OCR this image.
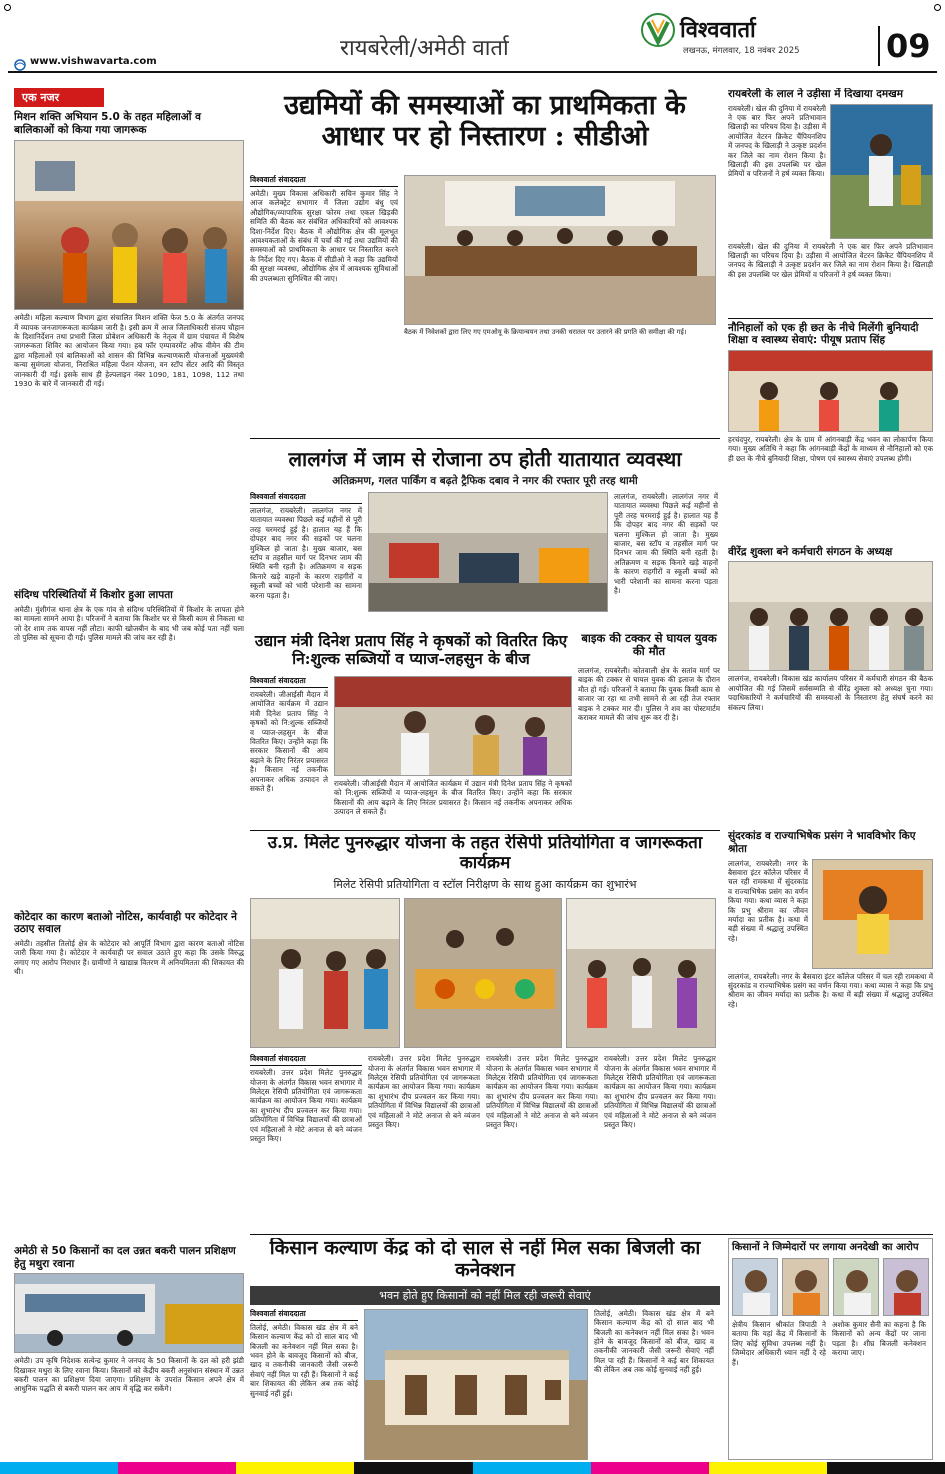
रायबरेली/अमेठी वार्ता
विश्ववार्ता
लखनऊ, मंगलवार, 18 नवंबर 2025	09
www.vishwavarta.com
एक नजर
मिशन शक्ति अभियान 5.0 के तहत महिलाओं व बालिकाओं को किया गया जागरूक
अमेठी। महिला कल्याण विभाग द्वारा संचालित मिशन शक्ति फेज 5.0 के अंतर्गत जनपद में व्यापक जनजागरूकता कार्यक्रम जारी है। इसी क्रम में आज जिलाधिकारी संजय चौहान के दिशानिर्देशन तथा प्रभारी जिला प्रोबेशन अधिकारी के नेतृत्व में ग्राम पंचायत में विशेष जागरूकता शिविर का आयोजन किया गया। हब फॉर एम्पावरमेंट ऑफ वीमेन की टीम द्वारा महिलाओं एवं बालिकाओं को शासन की विभिन्न कल्याणकारी योजनाओं मुख्यमंत्री कन्या सुमंगला योजना, निराश्रित महिला पेंशन योजना, वन स्टॉप सेंटर आदि की विस्तृत जानकारी दी गई। इसके साथ ही हेल्पलाइन नंबर 1090, 181, 1098, 112 तथा 1930 के बारे में जानकारी दी गई।
संदिग्ध परिस्थितियों में किशोर हुआ लापता
अमेठी। मुंशीगंज थाना क्षेत्र के एक गांव से संदिग्ध परिस्थितियों में किशोर के लापता होने का मामला सामने आया है। परिजनों ने बताया कि किशोर घर से किसी काम से निकला था जो देर शाम तक वापस नहीं लौटा। काफी खोजबीन के बाद भी जब कोई पता नहीं चला तो पुलिस को सूचना दी गई। पुलिस मामले की जांच कर रही है।
कोटेदार का कारण बताओ नोटिस, कार्यवाही पर कोटेदार ने उठाए सवाल
अमेठी। तहसील तिलोई क्षेत्र के कोटेदार को आपूर्ति विभाग द्वारा कारण बताओ नोटिस जारी किया गया है। कोटेदार ने कार्यवाही पर सवाल उठाते हुए कहा कि उसके विरुद्ध लगाए गए आरोप निराधार हैं। ग्रामीणों ने खाद्यान्न वितरण में अनियमितता की शिकायत की थी।
अमेठी से 50 किसानों का दल उन्नत बकरी पालन प्रशिक्षण हेतु मथुरा रवाना
अमेठी। उप कृषि निदेशक सत्येन्द्र कुमार ने जनपद के 50 किसानों के दल को हरी झंडी दिखाकर मथुरा के लिए रवाना किया। किसानों को केंद्रीय बकरी अनुसंधान संस्थान में उन्नत बकरी पालन का प्रशिक्षण दिया जाएगा। प्रशिक्षण के उपरांत किसान अपने क्षेत्र में आधुनिक पद्धति से बकरी पालन कर आय में वृद्धि कर सकेंगे।
उद्यमियों की समस्याओं का प्राथमिकता के आधार पर हो निस्तारण : सीडीओ
विश्ववार्ता संवाददाता
अमेठी। मुख्य विकास अधिकारी सचिन कुमार सिंह ने आज कलेक्ट्रेट सभागार में जिला उद्योग बंधु एवं औद्योगिक/व्यापारिक सुरक्षा फोरम तथा एकल खिड़की समिति की बैठक कर संबंधित अधिकारियों को आवश्यक दिशा-निर्देश दिए। बैठक में औद्योगिक क्षेत्र की मूलभूत आवश्यकताओं के संबंध में चर्चा की गई तथा उद्यमियों की समस्याओं को प्राथमिकता के आधार पर निस्तारित करने के निर्देश दिए गए। बैठक में सीडीओ ने कहा कि उद्यमियों की सुरक्षा व्यवस्था, औद्योगिक क्षेत्र में आवश्यक सुविधाओं की उपलब्धता सुनिश्चित की जाए।
बैठक में निवेशकों द्वारा लिए गए एमओयू के क्रियान्वयन तथा उनकी धरातल पर उतारने की प्रगति की समीक्षा की गई।
लालगंज में जाम से रोजाना ठप होती यातायात व्यवस्था
अतिक्रमण, गलत पार्किंग व बढ़ते ट्रैफिक दबाव ने नगर की रफ्तार पूरी तरह थामी
विश्ववार्ता संवाददाता
लालगंज, रायबरेली। लालगंज नगर में यातायात व्यवस्था पिछले कई महीनों से पूरी तरह चरमराई हुई है। हालात यह हैं कि दोपहर बाद नगर की सड़कों पर चलना मुश्किल हो जाता है। मुख्य बाजार, बस स्टॉप व तहसील मार्ग पर दिनभर जाम की स्थिति बनी रहती है। अतिक्रमण व सड़क किनारे खड़े वाहनों के कारण राहगीरों व स्कूली बच्चों को भारी परेशानी का सामना करना पड़ता है।
लालगंज, रायबरेली। लालगंज नगर में यातायात व्यवस्था पिछले कई महीनों से पूरी तरह चरमराई हुई है। हालात यह हैं कि दोपहर बाद नगर की सड़कों पर चलना मुश्किल हो जाता है। मुख्य बाजार, बस स्टॉप व तहसील मार्ग पर दिनभर जाम की स्थिति बनी रहती है। अतिक्रमण व सड़क किनारे खड़े वाहनों के कारण राहगीरों व स्कूली बच्चों को भारी परेशानी का सामना करना पड़ता है।
उद्यान मंत्री दिनेश प्रताप सिंह ने कृषकों को वितरित किए नि:शुल्क सब्जियों व प्याज-लहसुन के बीज
विश्ववार्ता संवाददाता
रायबरेली। जीआईसी मैदान में आयोजित कार्यक्रम में उद्यान मंत्री दिनेश प्रताप सिंह ने कृषकों को नि:शुल्क सब्जियों व प्याज-लहसुन के बीज वितरित किए। उन्होंने कहा कि सरकार किसानों की आय बढ़ाने के लिए निरंतर प्रयासरत है। किसान नई तकनीक अपनाकर अधिक उत्पादन ले सकते हैं।
रायबरेली। जीआईसी मैदान में आयोजित कार्यक्रम में उद्यान मंत्री दिनेश प्रताप सिंह ने कृषकों को नि:शुल्क सब्जियों व प्याज-लहसुन के बीज वितरित किए। उन्होंने कहा कि सरकार किसानों की आय बढ़ाने के लिए निरंतर प्रयासरत है। किसान नई तकनीक अपनाकर अधिक उत्पादन ले सकते हैं।
बाइक की टक्कर से घायल युवक की मौत
लालगंज, रायबरेली। कोतवाली क्षेत्र के सतांव मार्ग पर बाइक की टक्कर से घायल युवक की इलाज के दौरान मौत हो गई। परिजनों ने बताया कि युवक किसी काम से बाजार जा रहा था तभी सामने से आ रही तेज रफ्तार बाइक ने टक्कर मार दी। पुलिस ने शव का पोस्टमार्टम कराकर मामले की जांच शुरू कर दी है।
उ.प्र. मिलेट पुनरुद्धार योजना के तहत रेसिपी प्रतियोगिता व जागरूकता कार्यक्रम
मिलेट रेसिपी प्रतियोगिता व स्टॉल निरीक्षण के साथ हुआ कार्यक्रम का शुभारंभ
विश्ववार्ता संवाददाता
रायबरेली। उत्तर प्रदेश मिलेट पुनरुद्धार योजना के अंतर्गत विकास भवन सभागार में मिलेट्स रेसिपी प्रतियोगिता एवं जागरूकता कार्यक्रम का आयोजन किया गया। कार्यक्रम का शुभारंभ दीप प्रज्वलन कर किया गया। प्रतियोगिता में विभिन्न विद्यालयों की छात्राओं एवं महिलाओं ने मोटे अनाज से बने व्यंजन प्रस्तुत किए।
रायबरेली। उत्तर प्रदेश मिलेट पुनरुद्धार योजना के अंतर्गत विकास भवन सभागार में मिलेट्स रेसिपी प्रतियोगिता एवं जागरूकता कार्यक्रम का आयोजन किया गया। कार्यक्रम का शुभारंभ दीप प्रज्वलन कर किया गया। प्रतियोगिता में विभिन्न विद्यालयों की छात्राओं एवं महिलाओं ने मोटे अनाज से बने व्यंजन प्रस्तुत किए।
रायबरेली। उत्तर प्रदेश मिलेट पुनरुद्धार योजना के अंतर्गत विकास भवन सभागार में मिलेट्स रेसिपी प्रतियोगिता एवं जागरूकता कार्यक्रम का आयोजन किया गया। कार्यक्रम का शुभारंभ दीप प्रज्वलन कर किया गया। प्रतियोगिता में विभिन्न विद्यालयों की छात्राओं एवं महिलाओं ने मोटे अनाज से बने व्यंजन प्रस्तुत किए।
रायबरेली। उत्तर प्रदेश मिलेट पुनरुद्धार योजना के अंतर्गत विकास भवन सभागार में मिलेट्स रेसिपी प्रतियोगिता एवं जागरूकता कार्यक्रम का आयोजन किया गया। कार्यक्रम का शुभारंभ दीप प्रज्वलन कर किया गया। प्रतियोगिता में विभिन्न विद्यालयों की छात्राओं एवं महिलाओं ने मोटे अनाज से बने व्यंजन प्रस्तुत किए।
रायबरेली के लाल ने उड़ीसा में दिखाया दमखम
रायबरेली। खेल की दुनिया में रायबरेली ने एक बार फिर अपने प्रतिभावान खिलाड़ी का परिचय दिया है। उड़ीसा में आयोजित वेटरन क्रिकेट चैंपियनशिप में जनपद के खिलाड़ी ने उत्कृष्ट प्रदर्शन कर जिले का नाम रोशन किया है। खिलाड़ी की इस उपलब्धि पर खेल प्रेमियों व परिजनों ने हर्ष व्यक्त किया।
रायबरेली। खेल की दुनिया में रायबरेली ने एक बार फिर अपने प्रतिभावान खिलाड़ी का परिचय दिया है। उड़ीसा में आयोजित वेटरन क्रिकेट चैंपियनशिप में जनपद के खिलाड़ी ने उत्कृष्ट प्रदर्शन कर जिले का नाम रोशन किया है। खिलाड़ी की इस उपलब्धि पर खेल प्रेमियों व परिजनों ने हर्ष व्यक्त किया।
नौनिहालों को एक ही छत के नीचे मिलेंगी बुनियादी शिक्षा व स्वास्थ्य सेवाएं: पीयूष प्रताप सिंह
हरचंदपुर, रायबरेली। क्षेत्र के ग्राम में आंगनबाड़ी केंद्र भवन का लोकार्पण किया गया। मुख्य अतिथि ने कहा कि आंगनबाड़ी केंद्रों के माध्यम से नौनिहालों को एक ही छत के नीचे बुनियादी शिक्षा, पोषण एवं स्वास्थ्य सेवाएं उपलब्ध होंगी।
वीरेंद्र शुक्ला बने कर्मचारी संगठन के अध्यक्ष
लालगंज, रायबरेली। विकास खंड कार्यालय परिसर में कर्मचारी संगठन की बैठक आयोजित की गई जिसमें सर्वसम्मति से वीरेंद्र शुक्ला को अध्यक्ष चुना गया। पदाधिकारियों ने कर्मचारियों की समस्याओं के निस्तारण हेतु संघर्ष करने का संकल्प लिया।
सुंदरकांड व राज्याभिषेक प्रसंग ने भावविभोर किए श्रोता
लालगंज, रायबरेली। नगर के बैसवारा इंटर कॉलेज परिसर में चल रही रामकथा में सुंदरकांड व राज्याभिषेक प्रसंग का वर्णन किया गया। कथा व्यास ने कहा कि प्रभु श्रीराम का जीवन मर्यादा का प्रतीक है। कथा में बड़ी संख्या में श्रद्धालु उपस्थित रहे।
लालगंज, रायबरेली। नगर के बैसवारा इंटर कॉलेज परिसर में चल रही रामकथा में सुंदरकांड व राज्याभिषेक प्रसंग का वर्णन किया गया। कथा व्यास ने कहा कि प्रभु श्रीराम का जीवन मर्यादा का प्रतीक है। कथा में बड़ी संख्या में श्रद्धालु उपस्थित रहे।
किसान कल्याण केंद्र को दो साल से नहीं मिल सका बिजली का कनेक्शन
भवन होते हुए किसानों को नहीं मिल रही जरूरी सेवाएं
विश्ववार्ता संवाददाता
तिलोई, अमेठी। विकास खंड क्षेत्र में बने किसान कल्याण केंद्र को दो साल बाद भी बिजली का कनेक्शन नहीं मिल सका है। भवन होने के बावजूद किसानों को बीज, खाद व तकनीकी जानकारी जैसी जरूरी सेवाएं नहीं मिल पा रही हैं। किसानों ने कई बार शिकायत की लेकिन अब तक कोई सुनवाई नहीं हुई।
तिलोई, अमेठी। विकास खंड क्षेत्र में बने किसान कल्याण केंद्र को दो साल बाद भी बिजली का कनेक्शन नहीं मिल सका है। भवन होने के बावजूद किसानों को बीज, खाद व तकनीकी जानकारी जैसी जरूरी सेवाएं नहीं मिल पा रही हैं। किसानों ने कई बार शिकायत की लेकिन अब तक कोई सुनवाई नहीं हुई।
किसानों ने जिम्मेदारों पर लगाया अनदेखी का आरोप
क्षेत्रीय किसान श्रीकांत त्रिपाठी ने बताया कि यहां केंद्र में किसानों के लिए कोई सुविधा उपलब्ध नहीं है। जिम्मेदार अधिकारी ध्यान नहीं दे रहे हैं।
अशोक कुमार सैनी का कहना है कि किसानों को अन्य केंद्रों पर जाना पड़ता है। शीघ्र बिजली कनेक्शन कराया जाए।
